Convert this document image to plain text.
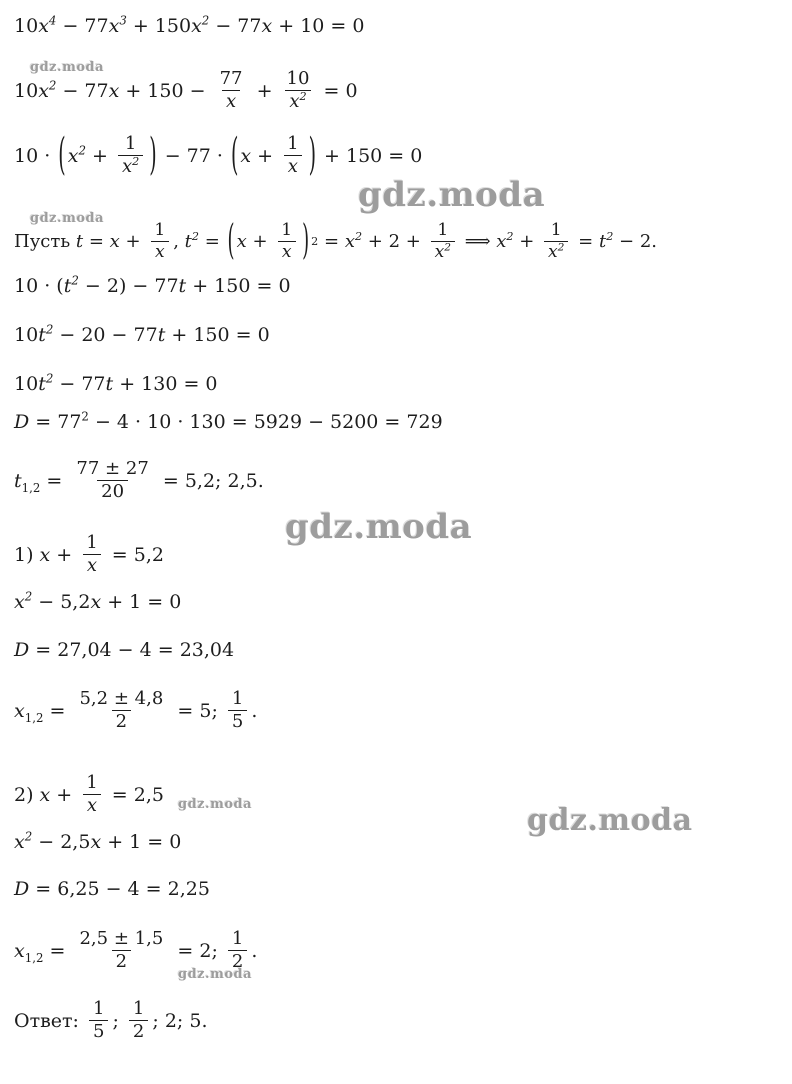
$10x^4 - 77x^3 + 150x^2 - 77x + 10 = 0$
$10x^2 - 77x + 150 - \frac{77}{x} + \frac{10}{x^2} = 0$
10 · ( $x^2 + \frac{1}{x^2}$ ) − 77 · ( $x + \frac{1}{x}$ ) + 150 = 0
Пусть $t = x + \frac{1}{x}$ , $t^2$ = ( $x + \frac{1}{x}$ ) $2 = x^2 + 2 + \frac{1}{x^2}$ ⟹ $x^2 + \frac{1}{x^2} = t^2 - 2$.
$10 \cdot (t^2 - 2) - 77t + 150 = 0$
$10t^2 - 20 - 77t + 150 = 0$
$10t^2 - 77t + 130 = 0$
$D = 77^2 - 4 \cdot 10 \cdot 130 = 5929 - 5200 = 729$
$t_{1,2} = \frac{77 \pm 27}{20} = 5,2$; 2,5.
1) $x + \frac{1}{x} = 5,2$
$x^2 - 5,2x + 1 = 0$
D = 27,04 − 4 = 23,04
$x_{1,2} = \frac{5,2 \pm 4,8}{2} = 5$; $\frac{1}{5}$ .
2) $x + \frac{1}{x} = 2,5$
$x^2 - 2,5x + 1 = 0$
D = 6,25 − 4 = 2,25
$x_{1,2} = \frac{2,5 \pm 1,5}{2} = 2$; $\frac{1}{2}$ .
Ответ: $\frac{1}{5}$ ; $\frac{1}{2}$ ; 2; 5.
gdz.moda
gdz.moda
gdz.moda
gdz.moda
gdz.moda	gdz.moda
gdz.moda
